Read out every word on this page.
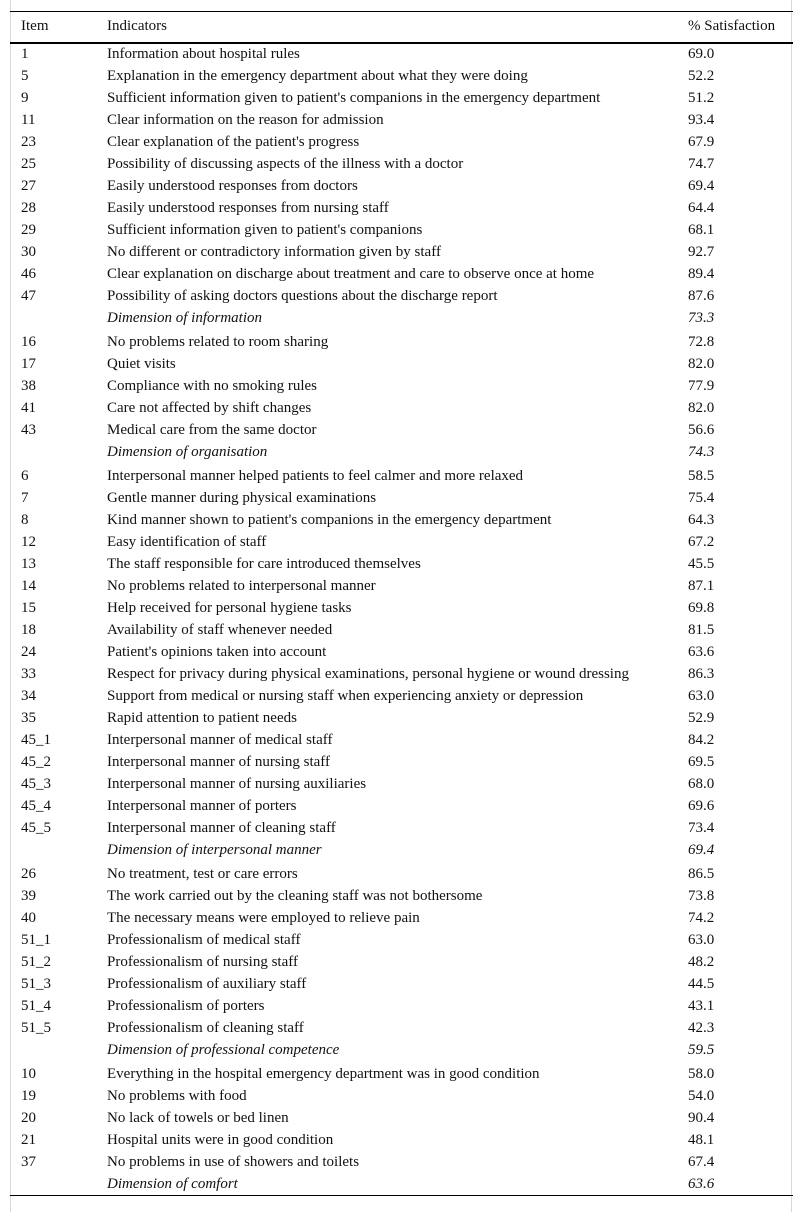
Item	Indicators	% Satisfaction
1	Information about hospital rules	69.0
5	Explanation in the emergency department about what they were doing	52.2
9	Sufficient information given to patient's companions in the emergency department	51.2
11	Clear information on the reason for admission	93.4
23	Clear explanation of the patient's progress	67.9
25	Possibility of discussing aspects of the illness with a doctor	74.7
27	Easily understood responses from doctors	69.4
28	Easily understood responses from nursing staff	64.4
29	Sufficient information given to patient's companions	68.1
30	No different or contradictory information given by staff	92.7
46	Clear explanation on discharge about treatment and care to observe once at home	89.4
47	Possibility of asking doctors questions about the discharge report	87.6
	Dimension of information	73.3
16	No problems related to room sharing	72.8
17	Quiet visits	82.0
38	Compliance with no smoking rules	77.9
41	Care not affected by shift changes	82.0
43	Medical care from the same doctor	56.6
	Dimension of organisation	74.3
6	Interpersonal manner helped patients to feel calmer and more relaxed	58.5
7	Gentle manner during physical examinations	75.4
8	Kind manner shown to patient's companions in the emergency department	64.3
12	Easy identification of staff	67.2
13	The staff responsible for care introduced themselves	45.5
14	No problems related to interpersonal manner	87.1
15	Help received for personal hygiene tasks	69.8
18	Availability of staff whenever needed	81.5
24	Patient's opinions taken into account	63.6
33	Respect for privacy during physical examinations, personal hygiene or wound dressing	86.3
34	Support from medical or nursing staff when experiencing anxiety or depression	63.0
35	Rapid attention to patient needs	52.9
45_1	Interpersonal manner of medical staff	84.2
45_2	Interpersonal manner of nursing staff	69.5
45_3	Interpersonal manner of nursing auxiliaries	68.0
45_4	Interpersonal manner of porters	69.6
45_5	Interpersonal manner of cleaning staff	73.4
	Dimension of interpersonal manner	69.4
26	No treatment, test or care errors	86.5
39	The work carried out by the cleaning staff was not bothersome	73.8
40	The necessary means were employed to relieve pain	74.2
51_1	Professionalism of medical staff	63.0
51_2	Professionalism of nursing staff	48.2
51_3	Professionalism of auxiliary staff	44.5
51_4	Professionalism of porters	43.1
51_5	Professionalism of cleaning staff	42.3
	Dimension of professional competence	59.5
10	Everything in the hospital emergency department was in good condition	58.0
19	No problems with food	54.0
20	No lack of towels or bed linen	90.4
21	Hospital units were in good condition	48.1
37	No problems in use of showers and toilets	67.4
	Dimension of comfort	63.6
